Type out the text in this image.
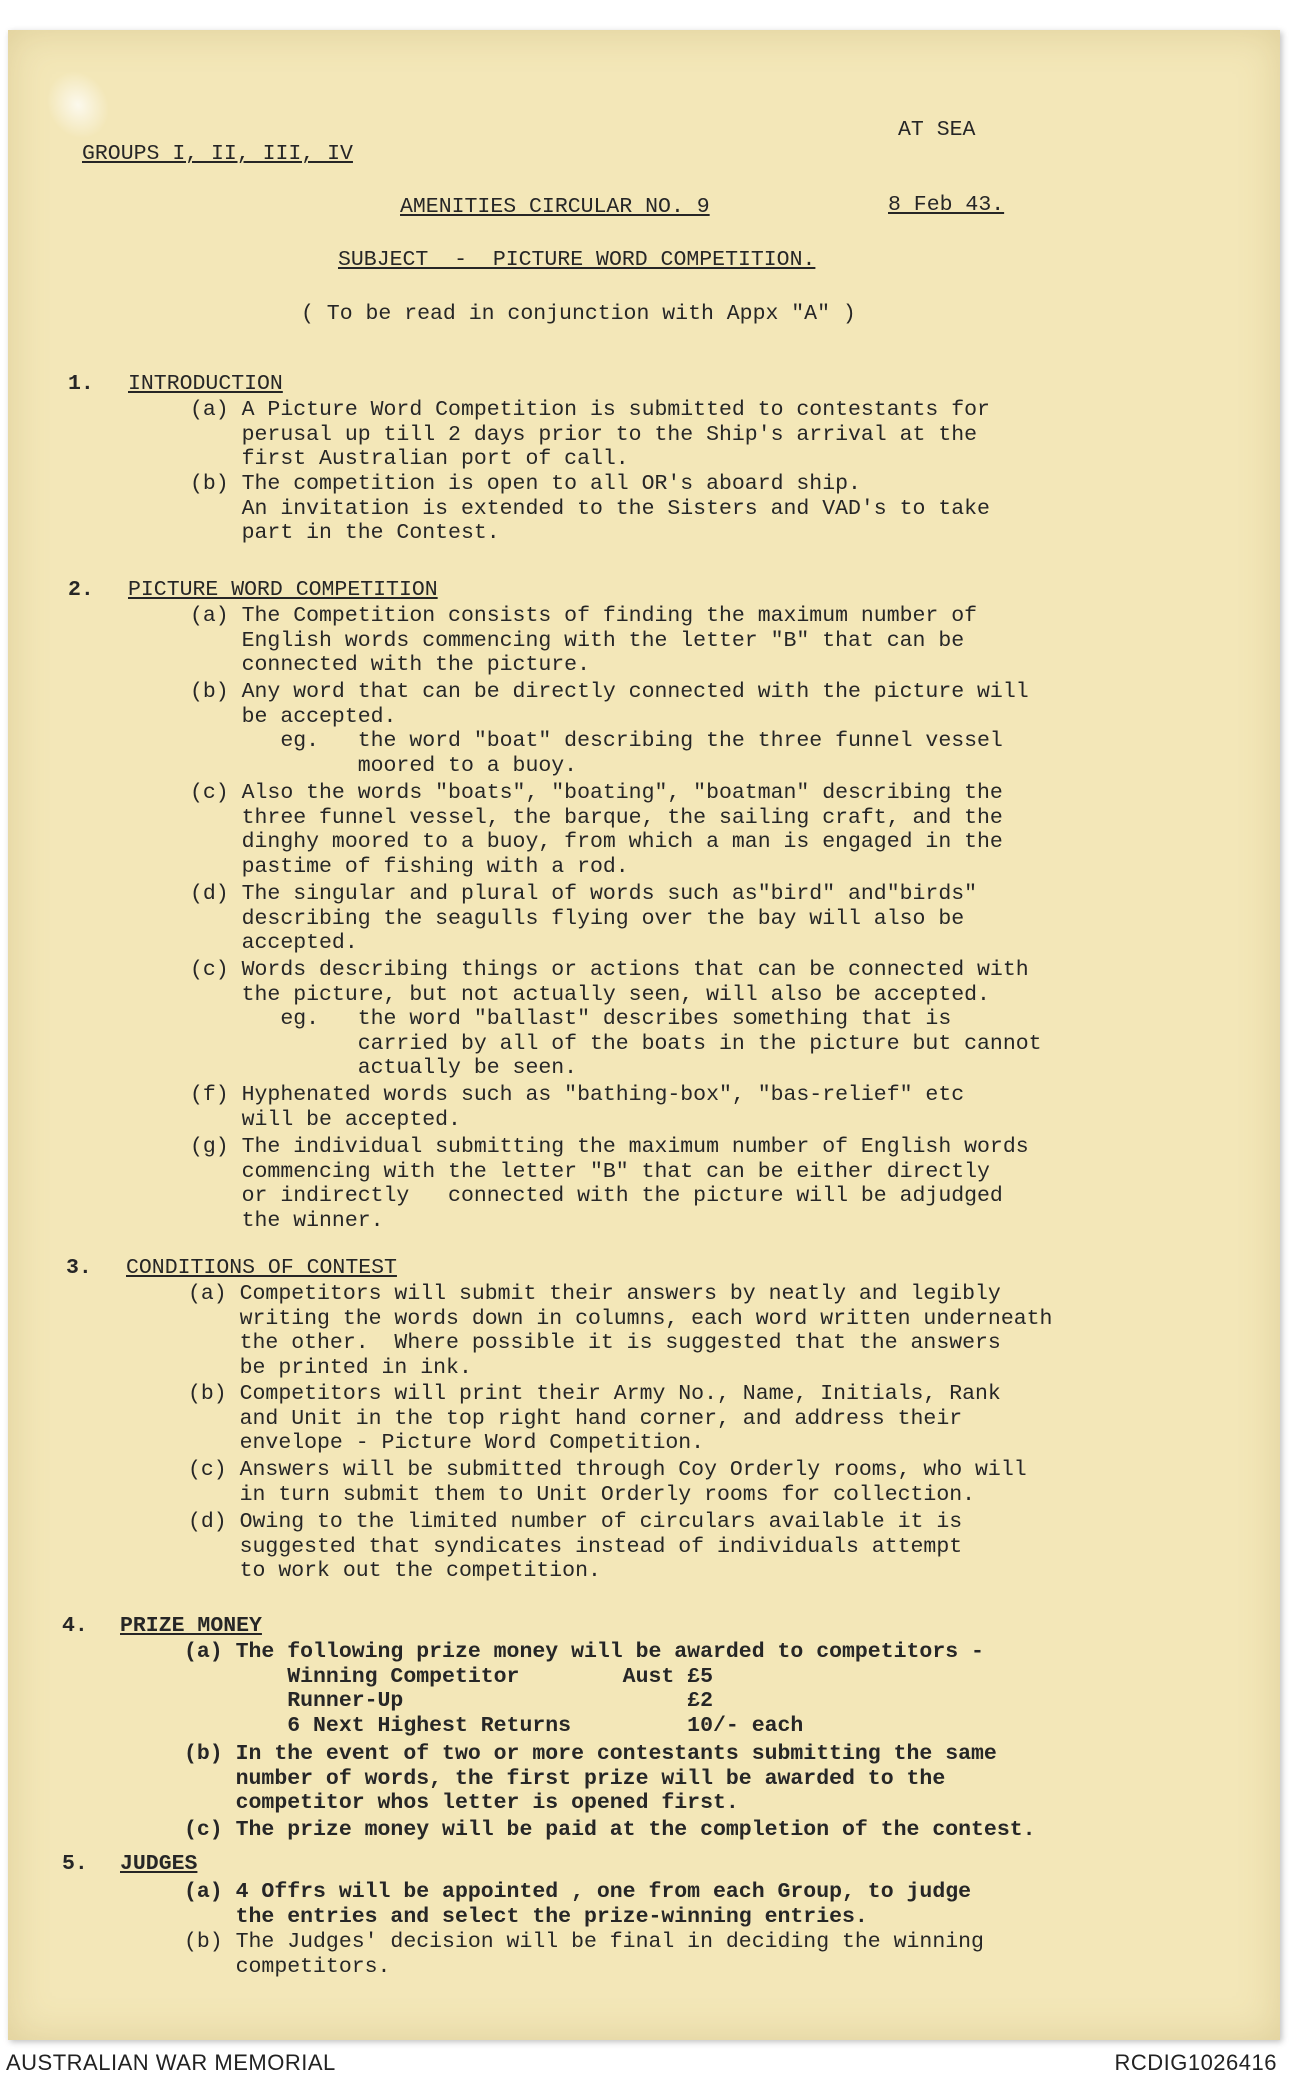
AT SEA

8 Feb 43.

GROUPS I, II, III, IV
AMENITIES CIRCULAR NO. 9
SUBJECT  -  PICTURE WORD COMPETITION.
( To be read in conjunction with Appx "A" )
1. INTRODUCTION
(a) A Picture Word Competition is submitted to contestants for
perusal up till 2 days prior to the Ship's arrival at the
first Australian port of call.
(b) The competition is open to all OR's aboard ship.
An invitation is extended to the Sisters and VAD's to take
part in the Contest.
2. PICTURE WORD COMPETITION
(a) The Competition consists of finding the maximum number of
English words commencing with the letter "B" that can be
connected with the picture.
(b) Any word that can be directly connected with the picture will
be accepted.
eg.   the word "boat" describing the three funnel vessel
moored to a buoy.
(c) Also the words "boats", "boating", "boatman" describing the
three funnel vessel, the barque, the sailing craft, and the
dinghy moored to a buoy, from which a man is engaged in the
pastime of fishing with a rod.
(d) The singular and plural of words such as"bird" and"birds"
describing the seagulls flying over the bay will also be
accepted.
(c) Words describing things or actions that can be connected with
the picture, but not actually seen, will also be accepted.
eg.   the word "ballast" describes something that is
carried by all of the boats in the picture but cannot
actually be seen.
(f) Hyphenated words such as "bathing-box", "bas-relief" etc
will be accepted.
(g) The individual submitting the maximum number of English words
commencing with the letter "B" that can be either directly
or indirectly   connected with the picture will be adjudged
the winner.
3. CONDITIONS OF CONTEST
(a) Competitors will submit their answers by neatly and legibly
writing the words down in columns, each word written underneath
the other.  Where possible it is suggested that the answers
be printed in ink.
(b) Competitors will print their Army No., Name, Initials, Rank
and Unit in the top right hand corner, and address their
envelope - Picture Word Competition.
(c) Answers will be submitted through Coy Orderly rooms, who will
in turn submit them to Unit Orderly rooms for collection.
(d) Owing to the limited number of circulars available it is
suggested that syndicates instead of individuals attempt
to work out the competition.
4. PRIZE MONEY
(a) The following prize money will be awarded to competitors -
Winning Competitor        Aust £5
Runner-Up                      £2
6 Next Highest Returns         10/- each
(b) In the event of two or more contestants submitting the same
number of words, the first prize will be awarded to the
competitor whos letter is opened first.
(c) The prize money will be paid at the completion of the contest.
5. JUDGES
(a) 4 Offrs will be appointed , one from each Group, to judge
the entries and select the prize-winning entries.
(b) The Judges' decision will be final in deciding the winning
competitors.
AUSTRALIAN WAR MEMORIAL	RCDIG1026416
